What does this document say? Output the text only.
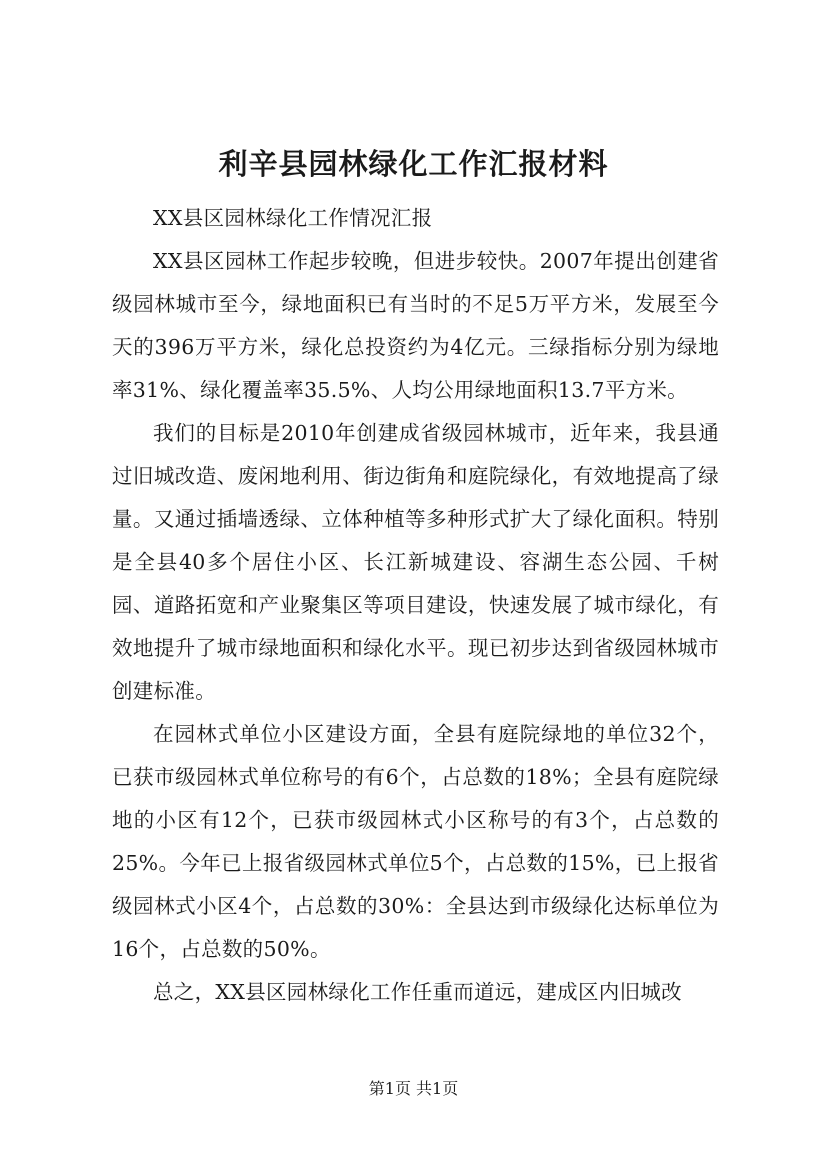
利辛县园林绿化工作汇报材料

XX县区园林绿化工作情况汇报

XX县区园林工作起步较晚，但进步较快。2007年提出创建省级园林城市至今，绿地面积已有当时的不足5万平方米，发展至今天的396万平方米，绿化总投资约为4亿元。三绿指标分别为绿地率31%、绿化覆盖率35.5%、人均公用绿地面积13.7平方米。

我们的目标是2010年创建成省级园林城市，近年来，我县通过旧城改造、废闲地利用、街边街角和庭院绿化，有效地提高了绿量。又通过插墙透绿、立体种植等多种形式扩大了绿化面积。特别是全县40多个居住小区、长江新城建设、容湖生态公园、千树园、道路拓宽和产业聚集区等项目建设，快速发展了城市绿化，有效地提升了城市绿地面积和绿化水平。现已初步达到省级园林城市创建标准。

在园林式单位小区建设方面，全县有庭院绿地的单位32个，已获市级园林式单位称号的有6个，占总数的18%；全县有庭院绿地的小区有12个，已获市级园林式小区称号的有3个，占总数的25%。今年已上报省级园林式单位5个，占总数的15%，已上报省级园林式小区4个，占总数的30%：全县达到市级绿化达标单位为16个，占总数的50%。

总之，XX县区园林绿化工作任重而道远，建成区内旧城改

第1页 共1页
